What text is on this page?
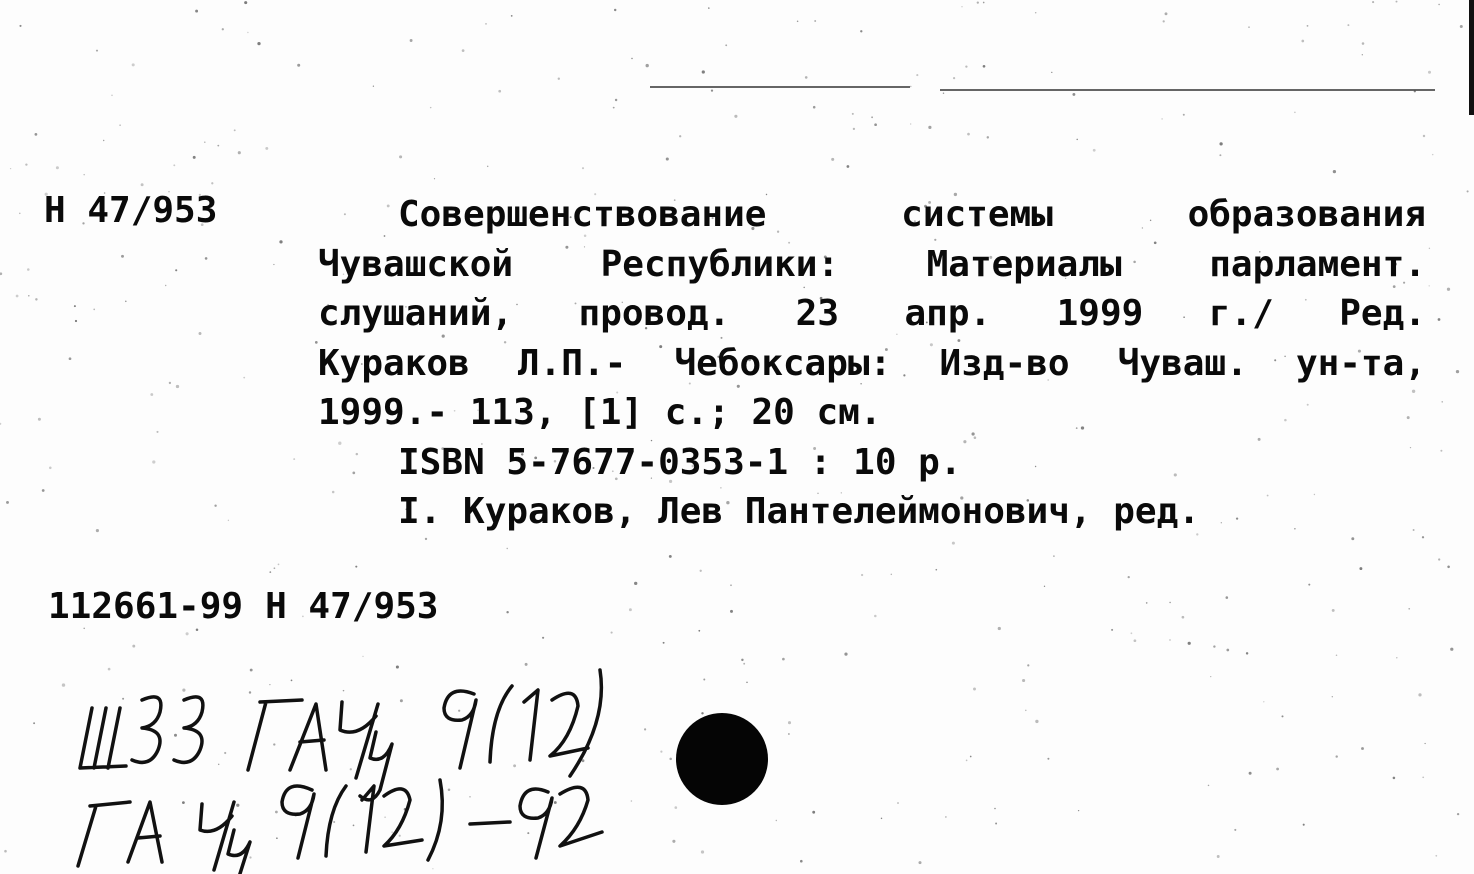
Н 47/953	Совершенствование	системы	образования
Чувашской Республики: Материалы парламент.
слушаний, провод. 23 апр. 1999 г./ Ред.
Кураков Л.П.- Чебоксары: Изд-во Чуваш. ун-та,
1999.- 113, [1] с.; 20 см.
ISBN 5-7677-0353-1 : 10 р.
I. Кураков, Лев Пантелеймонович, ред.
112661-99 Н 47/953
